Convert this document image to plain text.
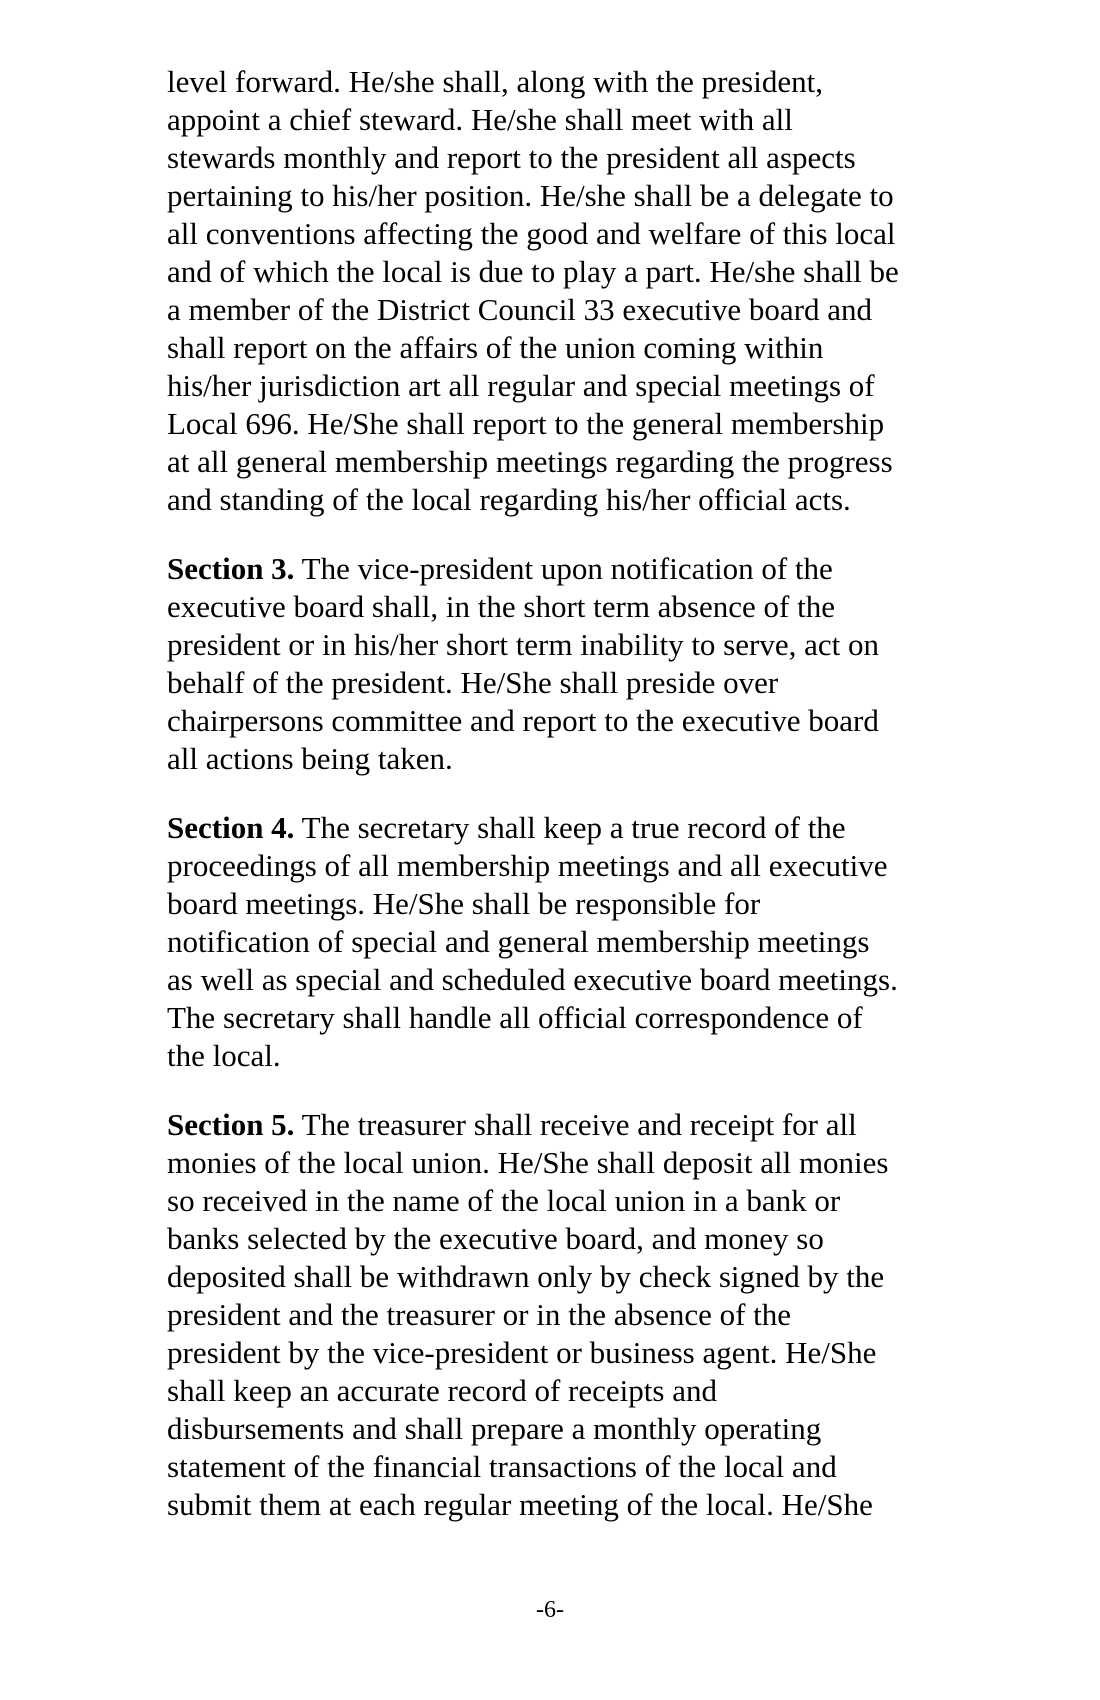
level forward. He/she shall, along with the president,
appoint a chief steward. He/she shall meet with all
stewards monthly and report to the president all aspects
pertaining to his/her position. He/she shall be a delegate to
all conventions affecting the good and welfare of this local
and of which the local is due to play a part. He/she shall be
a member of the District Council 33 executive board and
shall report on the affairs of the union coming within
his/her jurisdiction art all regular and special meetings of
Local 696. He/She shall report to the general membership
at all general membership meetings regarding the progress
and standing of the local regarding his/her official acts.

Section 3. The vice-president upon notification of the
executive board shall, in the short term absence of the
president or in his/her short term inability to serve, act on
behalf of the president. He/She shall preside over
chairpersons committee and report to the executive board
all actions being taken.

Section 4. The secretary shall keep a true record of the
proceedings of all membership meetings and all executive
board meetings. He/She shall be responsible for
notification of special and general membership meetings
as well as special and scheduled executive board meetings.
The secretary shall handle all official correspondence of
the local.

Section 5. The treasurer shall receive and receipt for all
monies of the local union. He/She shall deposit all monies
so received in the name of the local union in a bank or
banks selected by the executive board, and money so
deposited shall be withdrawn only by check signed by the
president and the treasurer or in the absence of the
president by the vice-president or business agent. He/She
shall keep an accurate record of receipts and
disbursements and shall prepare a monthly operating
statement of the financial transactions of the local and
submit them at each regular meeting of the local. He/She

-6-
